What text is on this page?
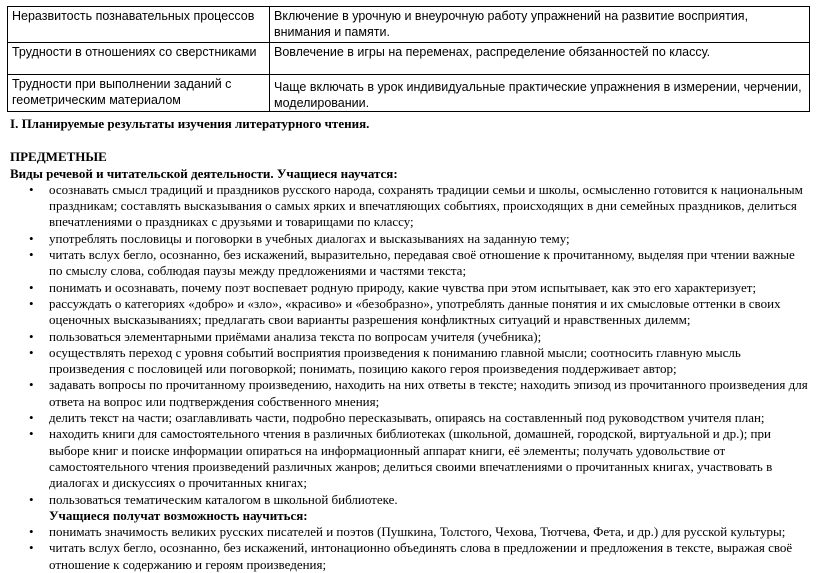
Неразвитость познавательных процессов	Включение в урочную и внеурочную работу упражнений на развитие восприятия, внимания и памяти.
Трудности в отношениях со сверстниками	Вовлечение в игры на переменах, распределение обязанностей по классу.
Трудности при выполнении заданий с геометрическим материалом	Чаще включать в урок индивидуальные практические упражнения в измерении, черчении, моделировании.
I. Планируемые результаты изучения литературного чтения.
ПРЕДМЕТНЫЕ
Виды речевой и читательской деятельности. Учащиеся научатся:
• осознавать смысл традиций и праздников русского народа, сохранять традиции семьи и школы, осмысленно готовится к национальным праздникам; составлять высказывания о самых ярких и впечатляющих событиях, происходящих в дни семейных праздников, делиться впечатлениями о праздниках с друзьями и товарищами по классу;
• употреблять пословицы и поговорки в учебных диалогах и высказываниях на заданную тему;
• читать вслух бегло, осознанно, без искажений, выразительно, передавая своё отношение к прочитанному, выделяя при чтении важные по смыслу слова, соблюдая паузы между предложениями и частями текста;
• понимать и осознавать, почему поэт воспевает родную природу, какие чувства при этом испытывает, как это его характеризует;
• рассуждать о категориях «добро» и «зло», «красиво» и «безобразно», употреблять данные понятия и их смысловые оттенки в своих оценочных высказываниях; предлагать свои варианты разрешения конфликтных ситуаций и нравственных дилемм;
• пользоваться элементарными приёмами анализа текста по вопросам учителя (учебника);
• осуществлять переход с уровня событий восприятия произведения к пониманию главной мысли; соотносить главную мысль произведения с пословицей или поговоркой; понимать, позицию какого героя произведения поддерживает автор;
• задавать вопросы по прочитанному произведению, находить на них ответы в тексте; находить эпизод из прочитанного произведения для ответа на вопрос или подтверждения собственного мнения;
• делить текст на части; озаглавливать части, подробно пересказывать, опираясь на составленный под руководством учителя план;
• находить книги для самостоятельного чтения в различных библиотеках (школьной, домашней, городской, виртуальной и др.); при выборе книг и поиске информации опираться на информационный аппарат книги, её элементы; получать удовольствие от самостоятельного чтения произведений различных жанров; делиться своими впечатлениями о прочитанных книгах, участвовать в диалогах и дискуссиях о прочитанных книгах;
• пользоваться тематическим каталогом в школьной библиотеке.
Учащиеся получат возможность научиться:
• понимать значимость великих русских писателей и поэтов (Пушкина, Толстого, Чехова, Тютчева, Фета, и др.) для русской культуры;
• читать вслух бегло, осознанно, без искажений, интонационно объединять слова в предложении и предложения в тексте, выражая своё отношение к содержанию и героям произведения;
